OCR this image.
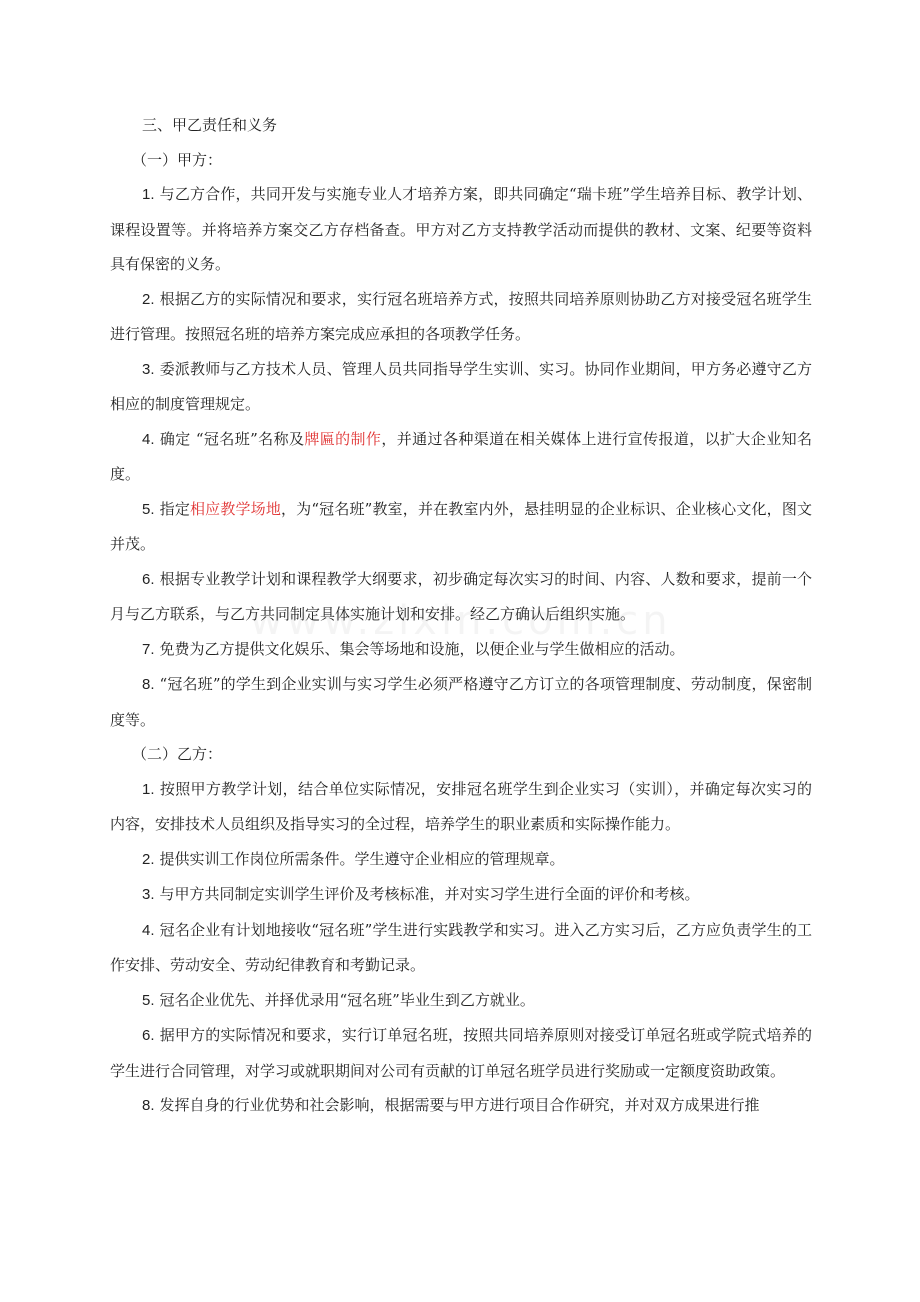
三、甲乙责任和义务

（一）甲方：

1. 与乙方合作，共同开发与实施专业人才培养方案，即共同确定“瑞卡班”学生培养目标、教学计划、课程设置等。并将培养方案交乙方存档备查。甲方对乙方支持教学活动而提供的教材、文案、纪要等资料具有保密的义务。

2. 根据乙方的实际情况和要求，实行冠名班培养方式，按照共同培养原则协助乙方对接受冠名班学生进行管理。按照冠名班的培养方案完成应承担的各项教学任务。

3. 委派教师与乙方技术人员、管理人员共同指导学生实训、实习。协同作业期间，甲方务必遵守乙方相应的制度管理规定。

4. 确定 “冠名班”名称及牌匾的制作，并通过各种渠道在相关媒体上进行宣传报道，以扩大企业知名度。

5. 指定相应教学场地，为“冠名班”教室，并在教室内外，悬挂明显的企业标识、企业核心文化，图文并茂。

6. 根据专业教学计划和课程教学大纲要求，初步确定每次实习的时间、内容、人数和要求，提前一个月与乙方联系，与乙方共同制定具体实施计划和安排。经乙方确认后组织实施。

7. 免费为乙方提供文化娱乐、集会等场地和设施，以便企业与学生做相应的活动。

8. “冠名班”的学生到企业实训与实习学生必须严格遵守乙方订立的各项管理制度、劳动制度，保密制度等。

（二）乙方：

1. 按照甲方教学计划，结合单位实际情况，安排冠名班学生到企业实习（实训），并确定每次实习的内容，安排技术人员组织及指导实习的全过程，培养学生的职业素质和实际操作能力。

2. 提供实训工作岗位所需条件。学生遵守企业相应的管理规章。

3. 与甲方共同制定实训学生评价及考核标准，并对实习学生进行全面的评价和考核。

4. 冠名企业有计划地接收“冠名班”学生进行实践教学和实习。进入乙方实习后，乙方应负责学生的工作安排、劳动安全、劳动纪律教育和考勤记录。

5. 冠名企业优先、并择优录用“冠名班”毕业生到乙方就业。

6. 据甲方的实际情况和要求，实行订单冠名班，按照共同培养原则对接受订单冠名班或学院式培养的学生进行合同管理，对学习或就职期间对公司有贡献的订单冠名班学员进行奖励或一定额度资助政策。

8. 发挥自身的行业优势和社会影响，根据需要与甲方进行项目合作研究，并对双方成果进行推
